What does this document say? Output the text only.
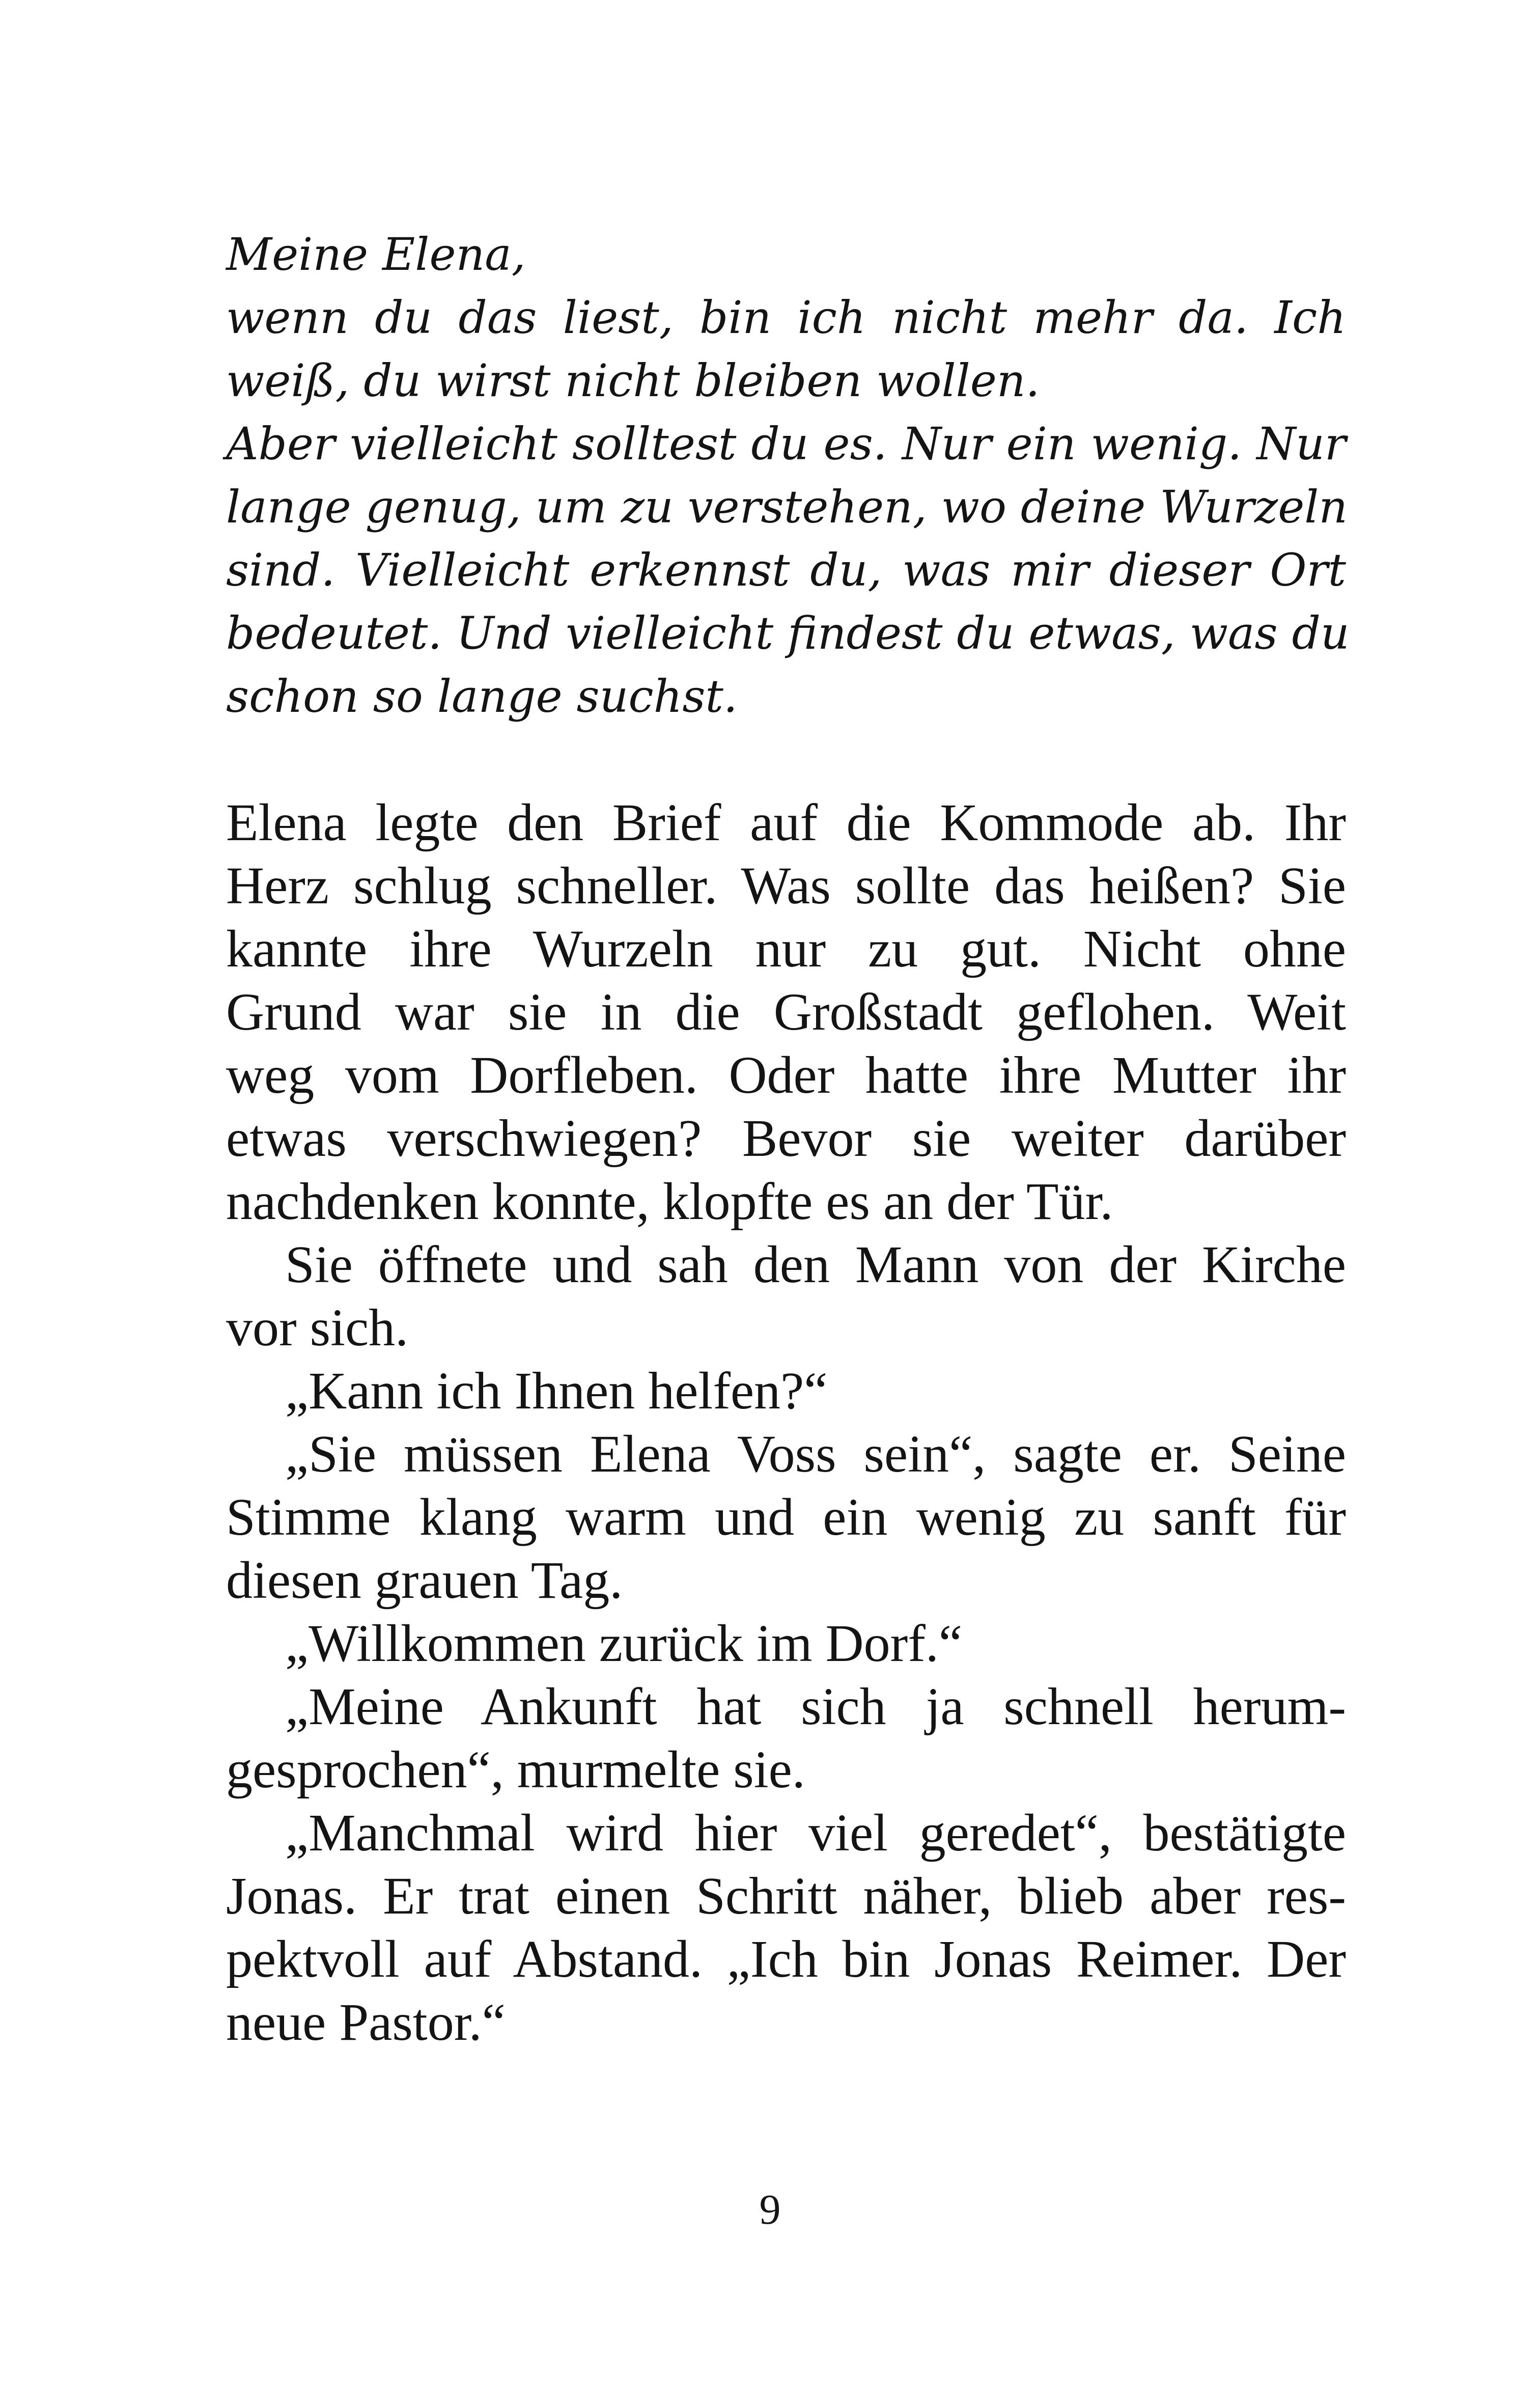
Meine Elena,
wenn du das liest, bin ich nicht mehr da. Ich
weiß, du wirst nicht bleiben wollen.
Aber vielleicht solltest du es. Nur ein wenig. Nur
lange genug, um zu verstehen, wo deine Wurzeln
sind. Vielleicht erkennst du, was mir dieser Ort
bedeutet. Und vielleicht findest du etwas, was du
schon so lange suchst.
Elena legte den Brief auf die Kommode ab. Ihr
Herz schlug schneller. Was sollte das heißen? Sie
kannte ihre Wurzeln nur zu gut. Nicht ohne
Grund war sie in die Großstadt geflohen. Weit
weg vom Dorfleben. Oder hatte ihre Mutter ihr
etwas verschwiegen? Bevor sie weiter darüber
nachdenken konnte, klopfte es an der Tür.
Sie öffnete und sah den Mann von der Kirche
vor sich.
„Kann ich Ihnen helfen?“
„Sie müssen Elena Voss sein“, sagte er. Seine
Stimme klang warm und ein wenig zu sanft für
diesen grauen Tag.
„Willkommen zurück im Dorf.“
„Meine Ankunft hat sich ja schnell herum-
gesprochen“, murmelte sie.
„Manchmal wird hier viel geredet“, bestätigte
Jonas. Er trat einen Schritt näher, blieb aber res-
pektvoll auf Abstand. „Ich bin Jonas Reimer. Der
neue Pastor.“
9
